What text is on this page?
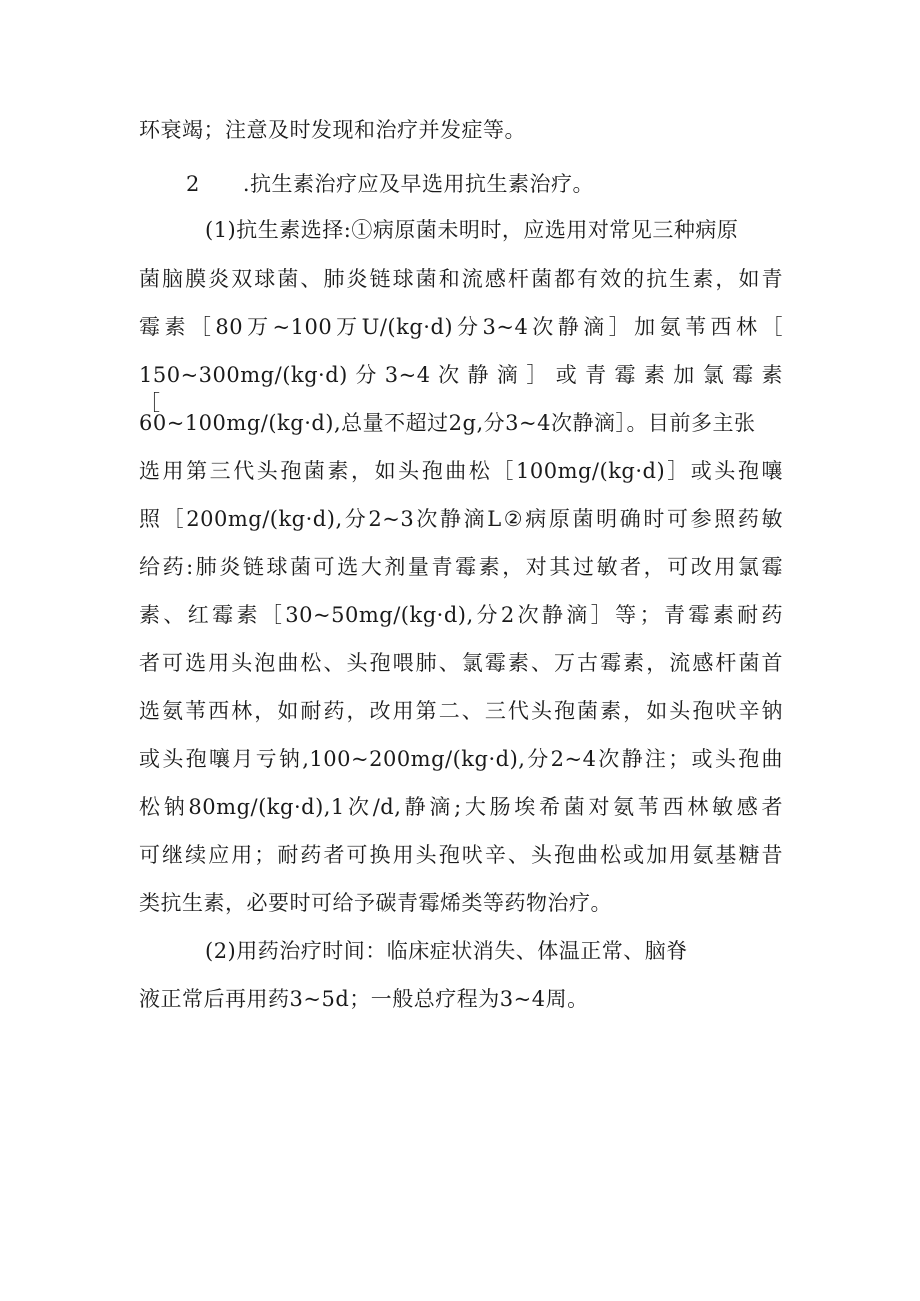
环衰竭；注意及时发现和治疗并发症等。
2　　.抗生素治疗应及早选用抗生素治疗。
(1)抗生素选择:①病原菌未明时，应选用对常见三种病原
菌脑膜炎双球菌、肺炎链球菌和流感杆菌都有效的抗生素，如青
霉素［80万~100万U/(kg·d)分3~4次静滴］加氨苇西林［
150~300mg/(kg·d) 分 3~4 次 静 滴 ］ 或 青 霉 素 加 氯 霉 素 ［
60~100mg/(kg·d),总量不超过2g,分3~4次静滴］。目前多主张
选用第三代头孢菌素，如头孢曲松［100mg/(kg·d)］或头孢嚷
照［200mg/(kg·d),分2~3次静滴L②病原菌明确时可参照药敏
给药:肺炎链球菌可选大剂量青霉素，对其过敏者，可改用氯霉
素、红霉素［30~50mg/(kg·d),分2次静滴］等；青霉素耐药
者可选用头泡曲松、头孢喂肺、氯霉素、万古霉素，流感杆菌首
选氨苇西林，如耐药，改用第二、三代头孢菌素，如头孢吠辛钠
或头孢嚷月亏钠,100~200mg/(kg·d),分2~4次静注；或头孢曲
松钠80mg/(kg·d),1次/d,静滴;大肠埃希菌对氨苇西林敏感者
可继续应用；耐药者可换用头孢吠辛、头孢曲松或加用氨基糖昔
类抗生素，必要时可给予碳青霉烯类等药物治疗。
(2)用药治疗时间：临床症状消失、体温正常、脑脊
液正常后再用药3~5d；一般总疗程为3~4周。
